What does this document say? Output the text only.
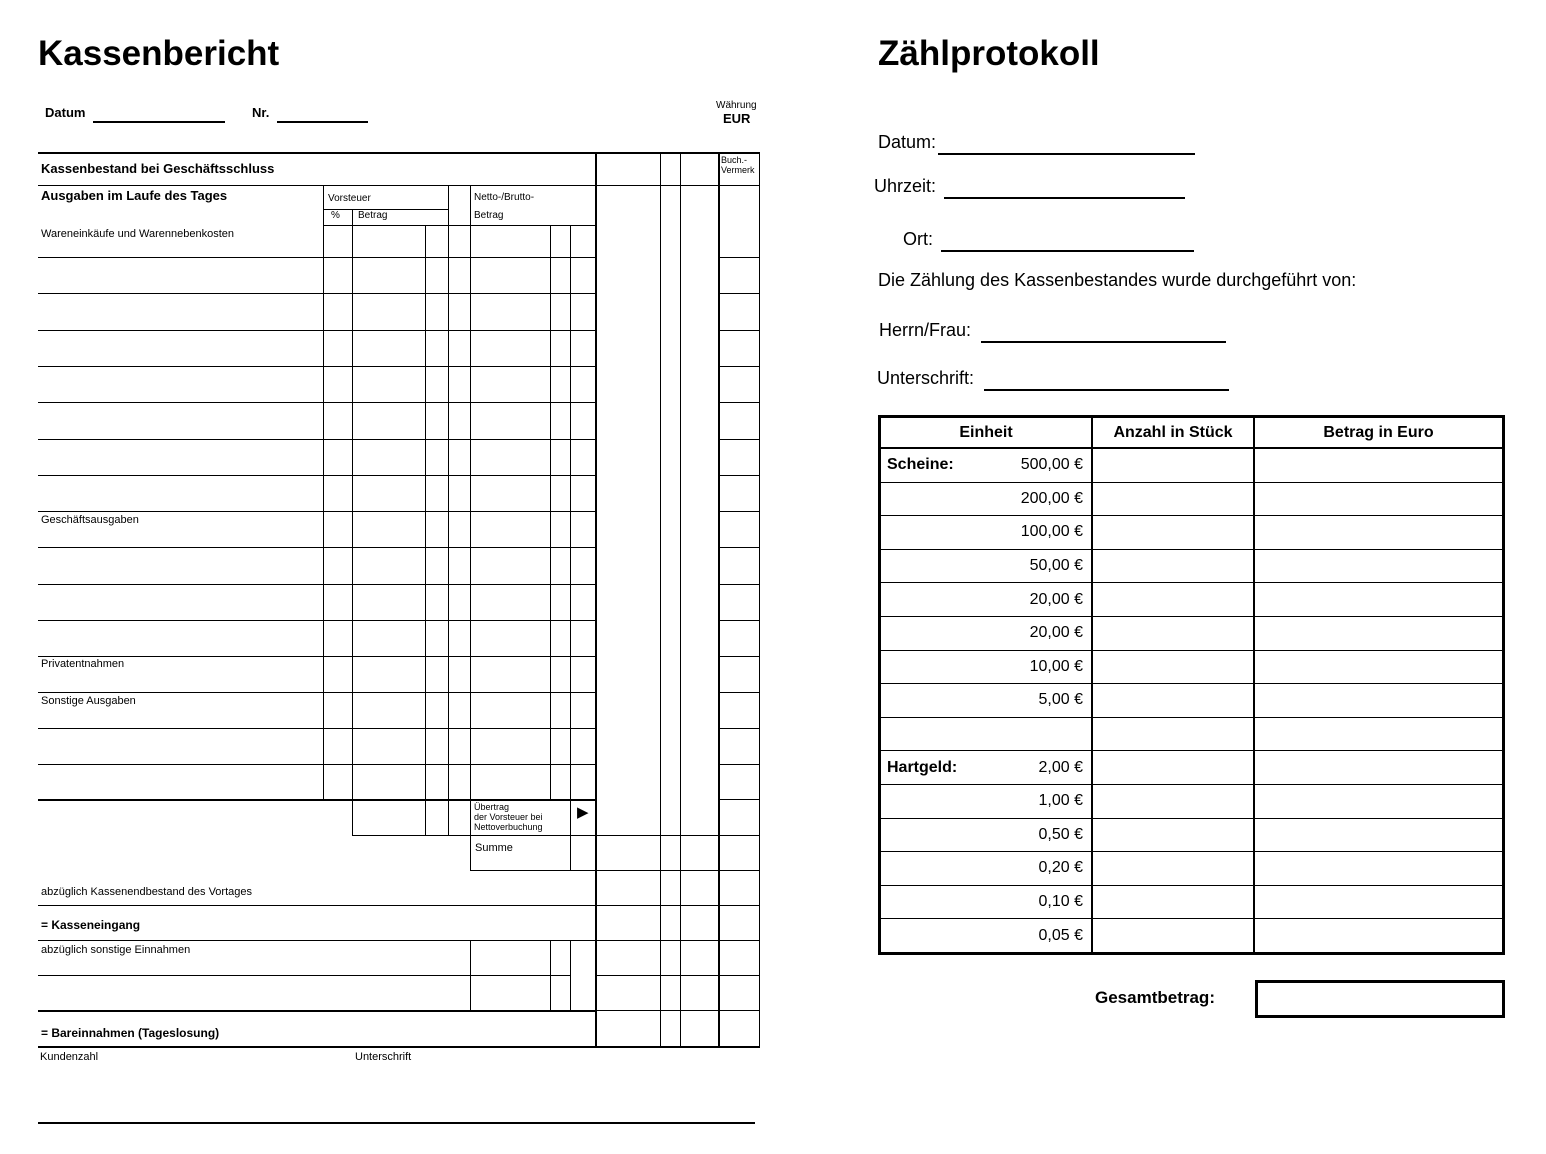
Kassenbericht
Datum	Nr.	Währung
EUR
Kassenbestand bei Geschäftsschluss
Buch.-
Vermerk
Ausgaben im Laufe des Tages	Vorsteuer
% Betrag
Netto-/Brutto-
Betrag
Wareneinkäufe und Warennebenkosten
Geschäftsausgaben
Privatentnahmen
Sonstige Ausgaben
Übertrag
der Vorsteuer bei
Nettoverbuchung
▶
Summe
abzüglich Kassenendbestand des Vortages
= Kasseneingang
abzüglich sonstige Einnahmen
= Bareinnahmen (Tageslosung)
Kundenzahl	Unterschrift
Zählprotokoll
Datum:
Uhrzeit:
Ort:
Die Zählung des Kassenbestandes wurde durchgeführt von:
Herrn/Frau:
Unterschrift:
Einheit	Anzahl in Stück	Betrag in Euro
Scheine:	500,00 €
200,00 €
100,00 €
50,00 €
20,00 €
20,00 €
10,00 €
5,00 €
Hartgeld:	2,00 €
1,00 €
0,50 €
0,20 €
0,10 €
0,05 €
Gesamtbetrag:
